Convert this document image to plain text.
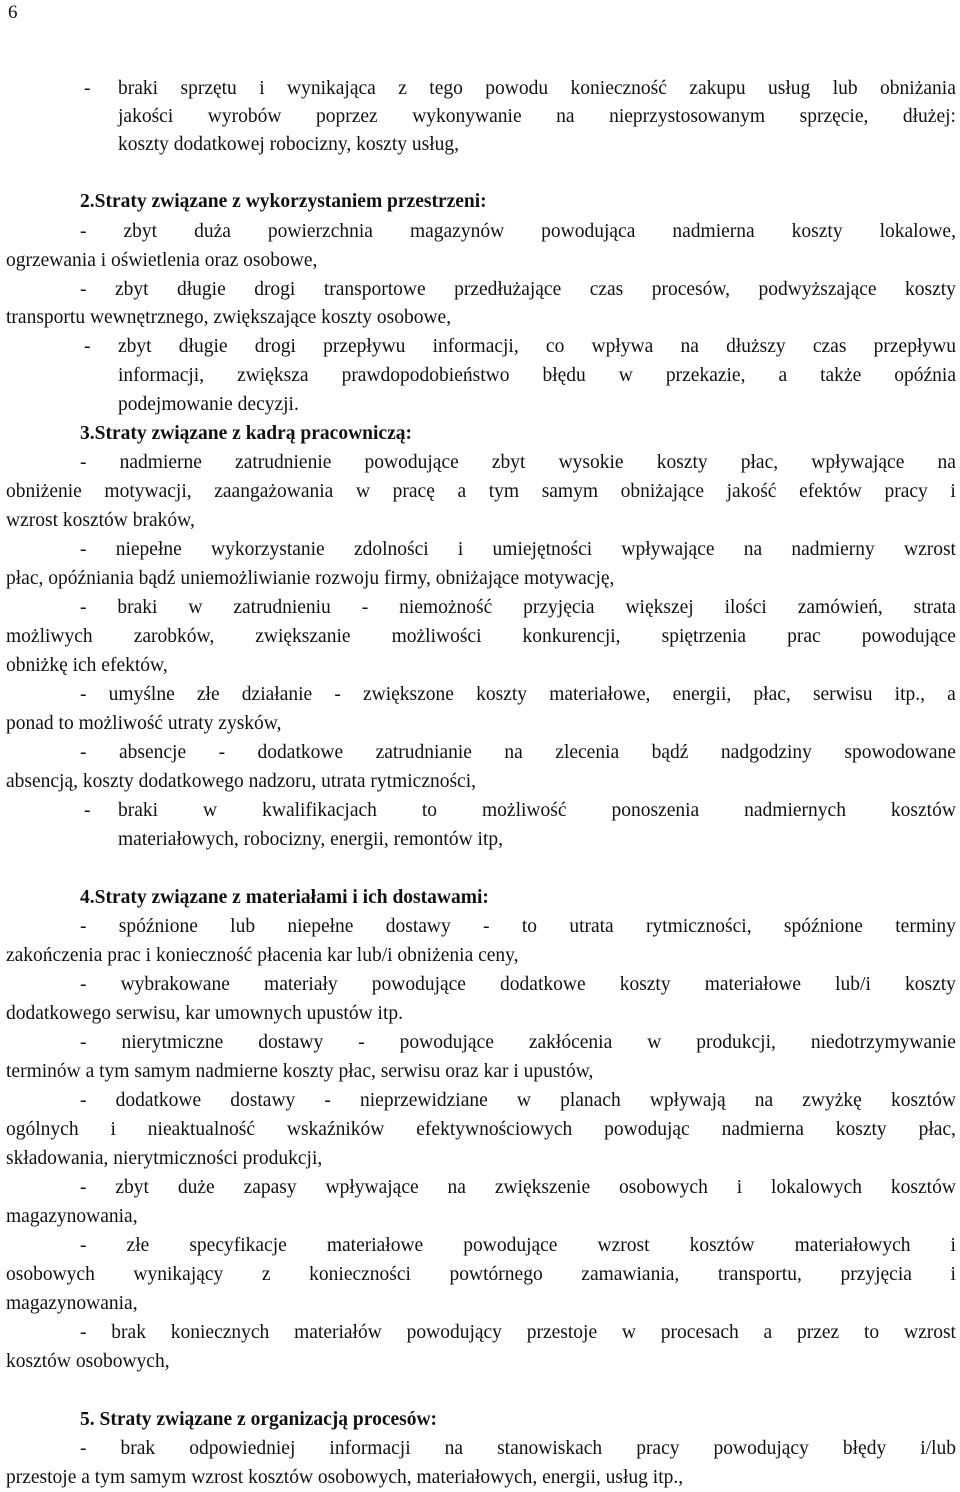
6
- braki sprzętu i wynikająca z tego powodu konieczność zakupu usług lub obniżania
jakości wyrobów poprzez wykonywanie na nieprzystosowanym sprzęcie, dłużej:
koszty dodatkowej robocizny, koszty usług,
2.Straty związane z wykorzystaniem przestrzeni:
- zbyt duża powierzchnia magazynów powodująca nadmierna koszty lokalowe,
ogrzewania i oświetlenia oraz osobowe,
- zbyt długie drogi transportowe przedłużające czas procesów, podwyższające koszty
transportu wewnętrznego, zwiększające koszty osobowe,
- zbyt długie drogi przepływu informacji, co wpływa na dłuższy czas przepływu
informacji, zwiększa prawdopodobieństwo błędu w przekazie, a także opóźnia
podejmowanie decyzji.
3.Straty związane z kadrą pracowniczą:
- nadmierne zatrudnienie powodujące zbyt wysokie koszty płac, wpływające na
obniżenie motywacji, zaangażowania w pracę a tym samym obniżające jakość efektów pracy i
wzrost kosztów braków,
- niepełne wykorzystanie zdolności i umiejętności wpływające na nadmierny wzrost
płac, opóźniania bądź uniemożliwianie rozwoju firmy, obniżające motywację,
- braki w zatrudnieniu - niemożność przyjęcia większej ilości zamówień, strata
możliwych zarobków, zwiększanie możliwości konkurencji, spiętrzenia prac powodujące
obniżkę ich efektów,
- umyślne złe działanie - zwiększone koszty materiałowe, energii, płac, serwisu itp., a
ponad to możliwość utraty zysków,
- absencje - dodatkowe zatrudnianie na zlecenia bądź nadgodziny spowodowane
absencją, koszty dodatkowego nadzoru, utrata rytmiczności,
- braki w kwalifikacjach to możliwość ponoszenia nadmiernych kosztów
materiałowych, robocizny, energii, remontów itp,
4.Straty związane z materiałami i ich dostawami:
- spóźnione lub niepełne dostawy - to utrata rytmiczności, spóźnione terminy
zakończenia prac i konieczność płacenia kar lub/i obniżenia ceny,
- wybrakowane materiały powodujące dodatkowe koszty materiałowe lub/i koszty
dodatkowego serwisu, kar umownych upustów itp.
- nierytmiczne dostawy - powodujące zakłócenia w produkcji, niedotrzymywanie
terminów a tym samym nadmierne koszty płac, serwisu oraz kar i upustów,
- dodatkowe dostawy - nieprzewidziane w planach wpływają na zwyżkę kosztów
ogólnych i nieaktualność wskaźników efektywnościowych powodując nadmierna koszty płac,
składowania, nierytmiczności produkcji,
- zbyt duże zapasy wpływające na zwiększenie osobowych i lokalowych kosztów
magazynowania,
- złe specyfikacje materiałowe powodujące wzrost kosztów materiałowych i
osobowych wynikający z konieczności powtórnego zamawiania, transportu, przyjęcia i
magazynowania,
- brak koniecznych materiałów powodujący przestoje w procesach a przez to wzrost
kosztów osobowych,
5. Straty związane z organizacją procesów:
- brak odpowiedniej informacji na stanowiskach pracy powodujący błędy i/lub
przestoje a tym samym wzrost kosztów osobowych, materiałowych, energii, usług itp.,
